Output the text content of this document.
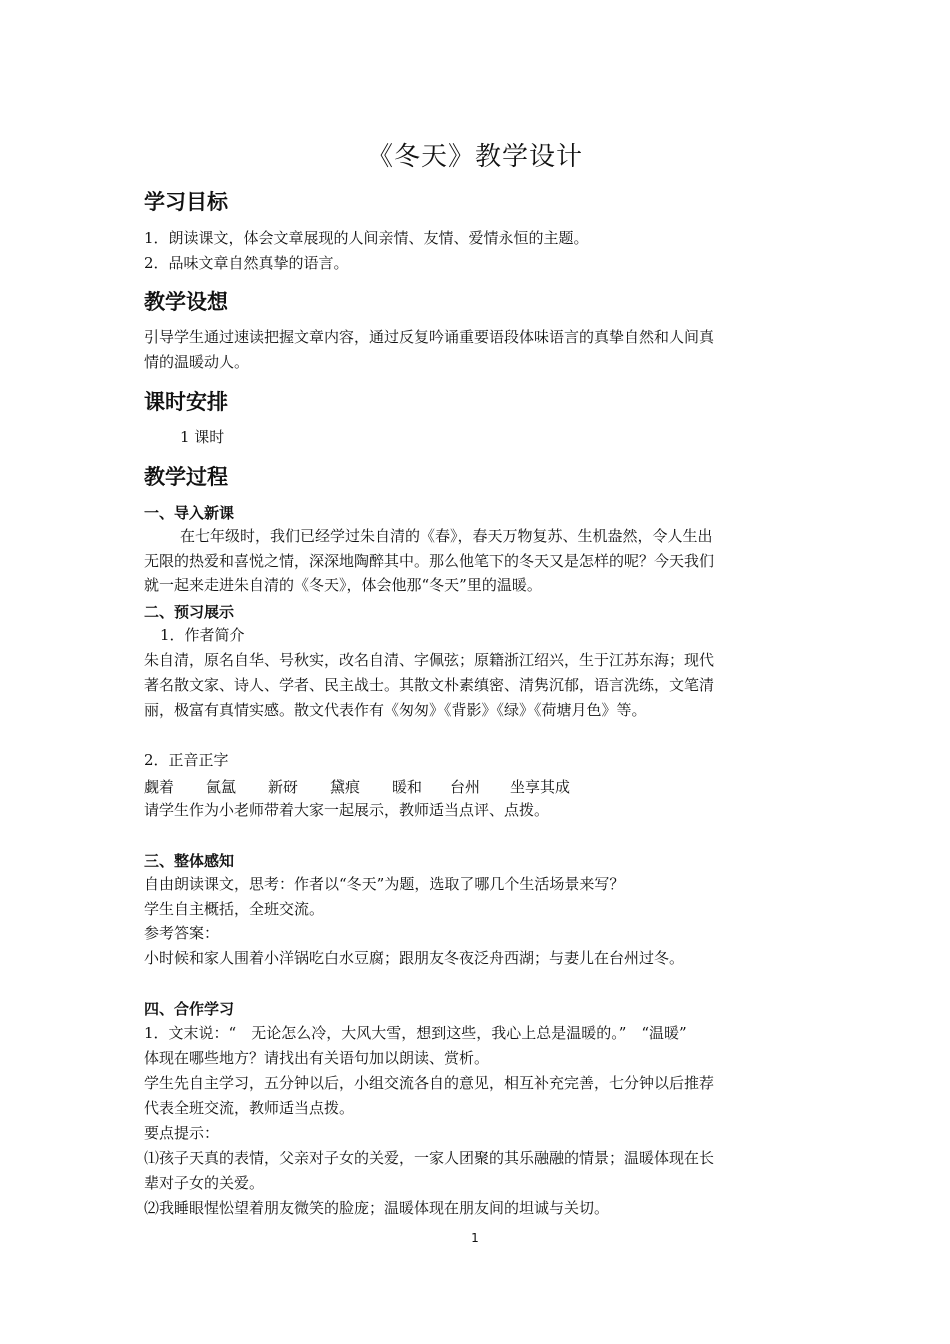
《冬天》教学设计
学习目标
1．朗读课文，体会文章展现的人间亲情、友情、爱情永恒的主题。
2．品味文章自然真挚的语言。
教学设想
引导学生通过速读把握文章内容，通过反复吟诵重要语段体味语言的真挚自然和人间真
情的温暖动人。
课时安排
1 课时
教学过程
一、导入新课
在七年级时，我们已经学过朱自清的《春》，春天万物复苏、生机盎然，令人生出
无限的热爱和喜悦之情，深深地陶醉其中。那么他笔下的冬天又是怎样的呢？今天我们
就一起来走进朱自清的《冬天》，体会他那“冬天”里的温暖。
二、预习展示
1．作者简介
朱自清，原名自华、号秋实，改名自清、字佩弦；原籍浙江绍兴，生于江苏东海；现代
著名散文家、诗人、学者、民主战士。其散文朴素缜密、清隽沉郁，语言洗练，文笔清
丽，极富有真情实感。散文代表作有《匆匆》《背影》《绿》《荷塘月色》等。
2．正音正字
觑着 氤氲 新砑 黛痕 暖和 台州 坐享其成
请学生作为小老师带着大家一起展示，教师适当点评、点拨。
三、整体感知
自由朗读课文，思考：作者以“冬天”为题，选取了哪几个生活场景来写？
学生自主概括，全班交流。
参考答案：
小时候和家人围着小洋锅吃白水豆腐；跟朋友冬夜泛舟西湖；与妻儿在台州过冬。
四、合作学习
1．文末说：“　无论怎么冷，大风大雪，想到这些，我心上总是温暖的。”　“温暖”
体现在哪些地方？请找出有关语句加以朗读、赏析。
学生先自主学习，五分钟以后，小组交流各自的意见，相互补充完善，七分钟以后推荐
代表全班交流，教师适当点拨。
要点提示：
⑴孩子天真的表情，父亲对子女的关爱，一家人团聚的其乐融融的情景；温暖体现在长
辈对子女的关爱。
⑵我睡眼惺忪望着朋友微笑的脸庞；温暖体现在朋友间的坦诚与关切。
1
